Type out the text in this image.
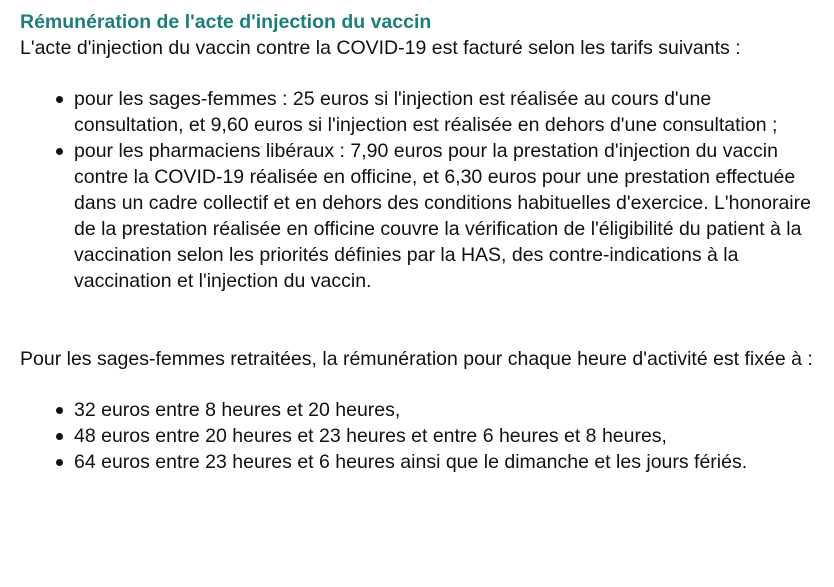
Rémunération de l'acte d'injection du vaccin

L'acte d'injection du vaccin contre la COVID-19 est facturé selon les tarifs suivants :

pour les sages-femmes : 25 euros si l'injection est réalisée au cours d'une consultation, et 9,60 euros si l'injection est réalisée en dehors d'une consultation ;
pour les pharmaciens libéraux : 7,90 euros pour la prestation d'injection du vaccin contre la COVID-19 réalisée en officine, et 6,30 euros pour une prestation effectuée dans un cadre collectif et en dehors des conditions habituelles d'exercice. L'honoraire de la prestation réalisée en officine couvre la vérification de l'éligibilité du patient à la vaccination selon les priorités définies par la HAS, des contre-indications à la vaccination et l'injection du vaccin.

Pour les sages-femmes retraitées, la rémunération pour chaque heure d'activité est fixée à :

32 euros entre 8 heures et 20 heures,
48 euros entre 20 heures et 23 heures et entre 6 heures et 8 heures,
64 euros entre 23 heures et 6 heures ainsi que le dimanche et les jours fériés.
